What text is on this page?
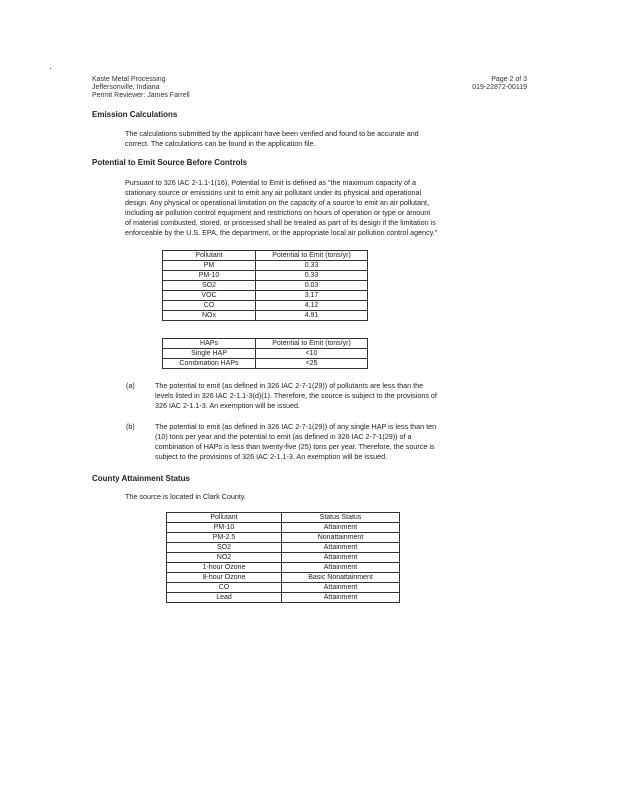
Kaste Metal Processing
Jeffersonville, Indiana
Permit Reviewer: James Farrell
Page 2 of 3
019-22872-00119
Emission Calculations
The calculations submitted by the applicant have been verified and found to be accurate and
correct. The calculations can be found in the application file.
Potential to Emit Source Before Controls
Pursuant to 326 IAC 2-1.1-1(16), Potential to Emit is defined as "the maximum capacity of a
stationary source or emissions unit to emit any air pollutant under its physical and operational
design. Any physical or operational limitation on the capacity of a source to emit an air pollutant,
including air pollution control equipment and restrictions on hours of operation or type or amount
of material combusted, stored, or processed shall be treated as part of its design if the limitation is
enforceable by the U.S. EPA, the department, or the appropriate local air pollution control agency."
Pollutant	Potential to Emit (tons/yr)
PM	0.33
PM-10	0.33
SO2	0.03
VOC	3.17
CO	4.12
NOx	4.91
HAPs	Potential to Emit (tons/yr)
Single HAP	<10
Combination HAPs	<25
(a)	The potential to emit (as defined in 326 IAC 2-7-1(29)) of pollutants are less than the
levels listed in 326 IAC 2-1.1-3(d)(1). Therefore, the source is subject to the provisions of
326 IAC 2-1.1-3. An exemption will be issued.
(b)	The potential to emit (as defined in 326 IAC 2-7-1(29)) of any single HAP is less than ten
(10) tons per year and the potential to emit (as defined in 326 IAC 2-7-1(29)) of a
combination of HAPs is less than twenty-five (25) tons per year. Therefore, the source is
subject to the provisions of 326 IAC 2-1.1-3. An exemption will be issued.
County Attainment Status
The source is located in Clark County.
Pollutant	Status Status
PM-10	Attainment
PM-2.5	Nonattainment
SO2	Attainment
NO2	Attainment
1-hour Ozone	Attainment
8-hour Ozone	Basic Nonattainment
CO	Attainment
Lead	Attainment
